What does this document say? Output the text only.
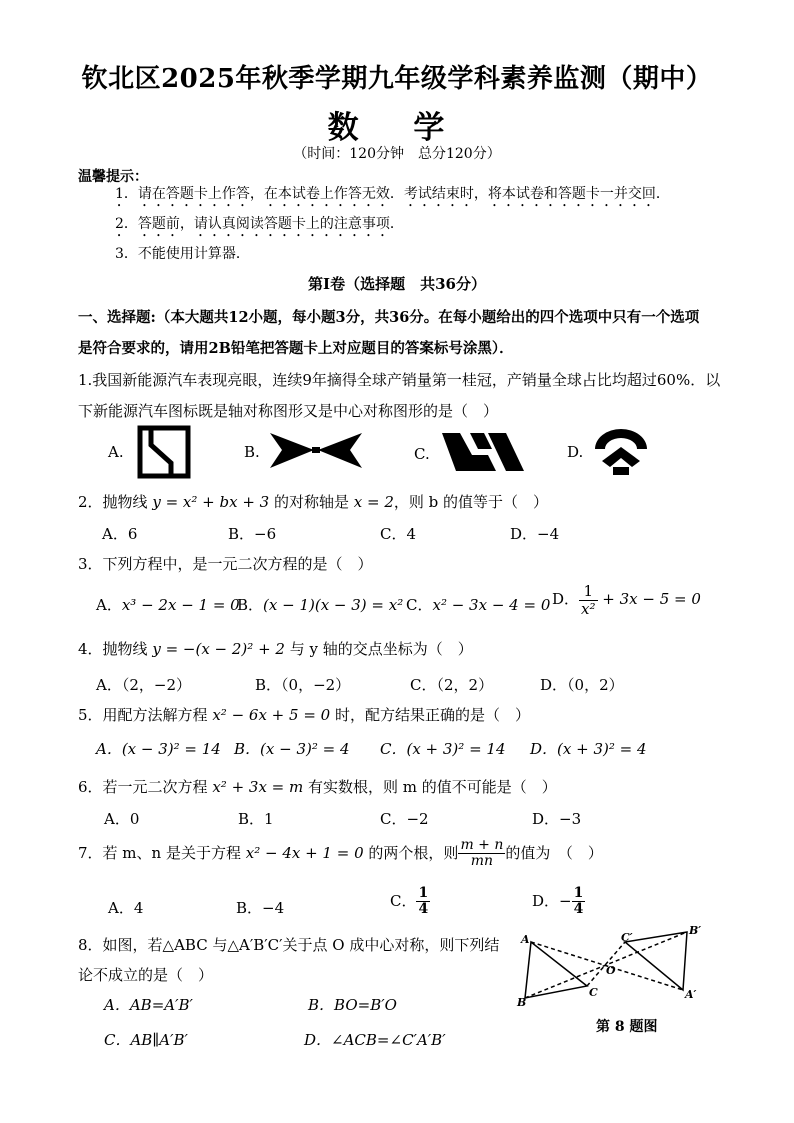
钦北区2025年秋季学期九年级学科素养监测（期中）
数 学
（时间：120分钟　总分120分）
温馨提示：
1．请在答题卡上作答，在本试卷上作答无效．考试结束时，将本试卷和答题卡一并交回．
2．答题前，请认真阅读答题卡上的注意事项．
3．不能使用计算器．
第Ⅰ卷（选择题　共36分）
一、选择题:（本大题共12小题，每小题3分，共36分。在每小题给出的四个选项中只有一个选项
是符合要求的，请用2B铅笔把答题卡上对应题目的答案标号涂黑）．
1.我国新能源汽车表现亮眼，连续9年摘得全球产销量第一桂冠，产销量全球占比均超过60%．以
下新能源汽车图标既是轴对称图形又是中心对称图形的是（　）
A.	B.	C.	D.
2．抛物线 y = x² + bx + 3 的对称轴是 x = 2，则 b 的值等于（　）
A．6	B．−6	C．4	D．−4
3．下列方程中，是一元二次方程的是（　）
A．x³ − 2x − 1 = 0
B．(x − 1)(x − 3) = x² C．x² − 3x − 4 = 0 D． $\frac{1}{\text{x²}} + 3x - 5 = 0$
4．抛物线 y = −(x − 2)² + 2 与 y 轴的交点坐标为（　）
A．（2，−2）	B．（0，−2）	C．（2，2）	D．（0，2）
5．用配方法解方程 x² − 6x + 5 = 0 时，配方结果正确的是（　）
A．(x − 3)² = 14 B．(x − 3)² = 4 C．(x + 3)² = 14 D．(x + 3)² = 4
6．若一元二次方程 x² + 3x = m 有实数根，则 m 的值不可能是（　）
A．0	B．1	C．−2	D．−3
7．若 m、n 是关于方程 x² − 4x + 1 = 0 的两个根，则 $\frac{m + n}{mn}$ 的值为　（　）
A．4	B．−4	C． $\frac{1}{4}$	D．− $\frac{1}{4}$
8．如图，若△ABC 与△A′B′C′关于点 O 成中心对称，则下列结
论不成立的是（　）
A．AB=A′B′	B．BO=B′O
C．AB∥A′B′	D．∠ACB=∠C′A′B′
A
B
C
O
C′
B′
A′
第 8 题图
